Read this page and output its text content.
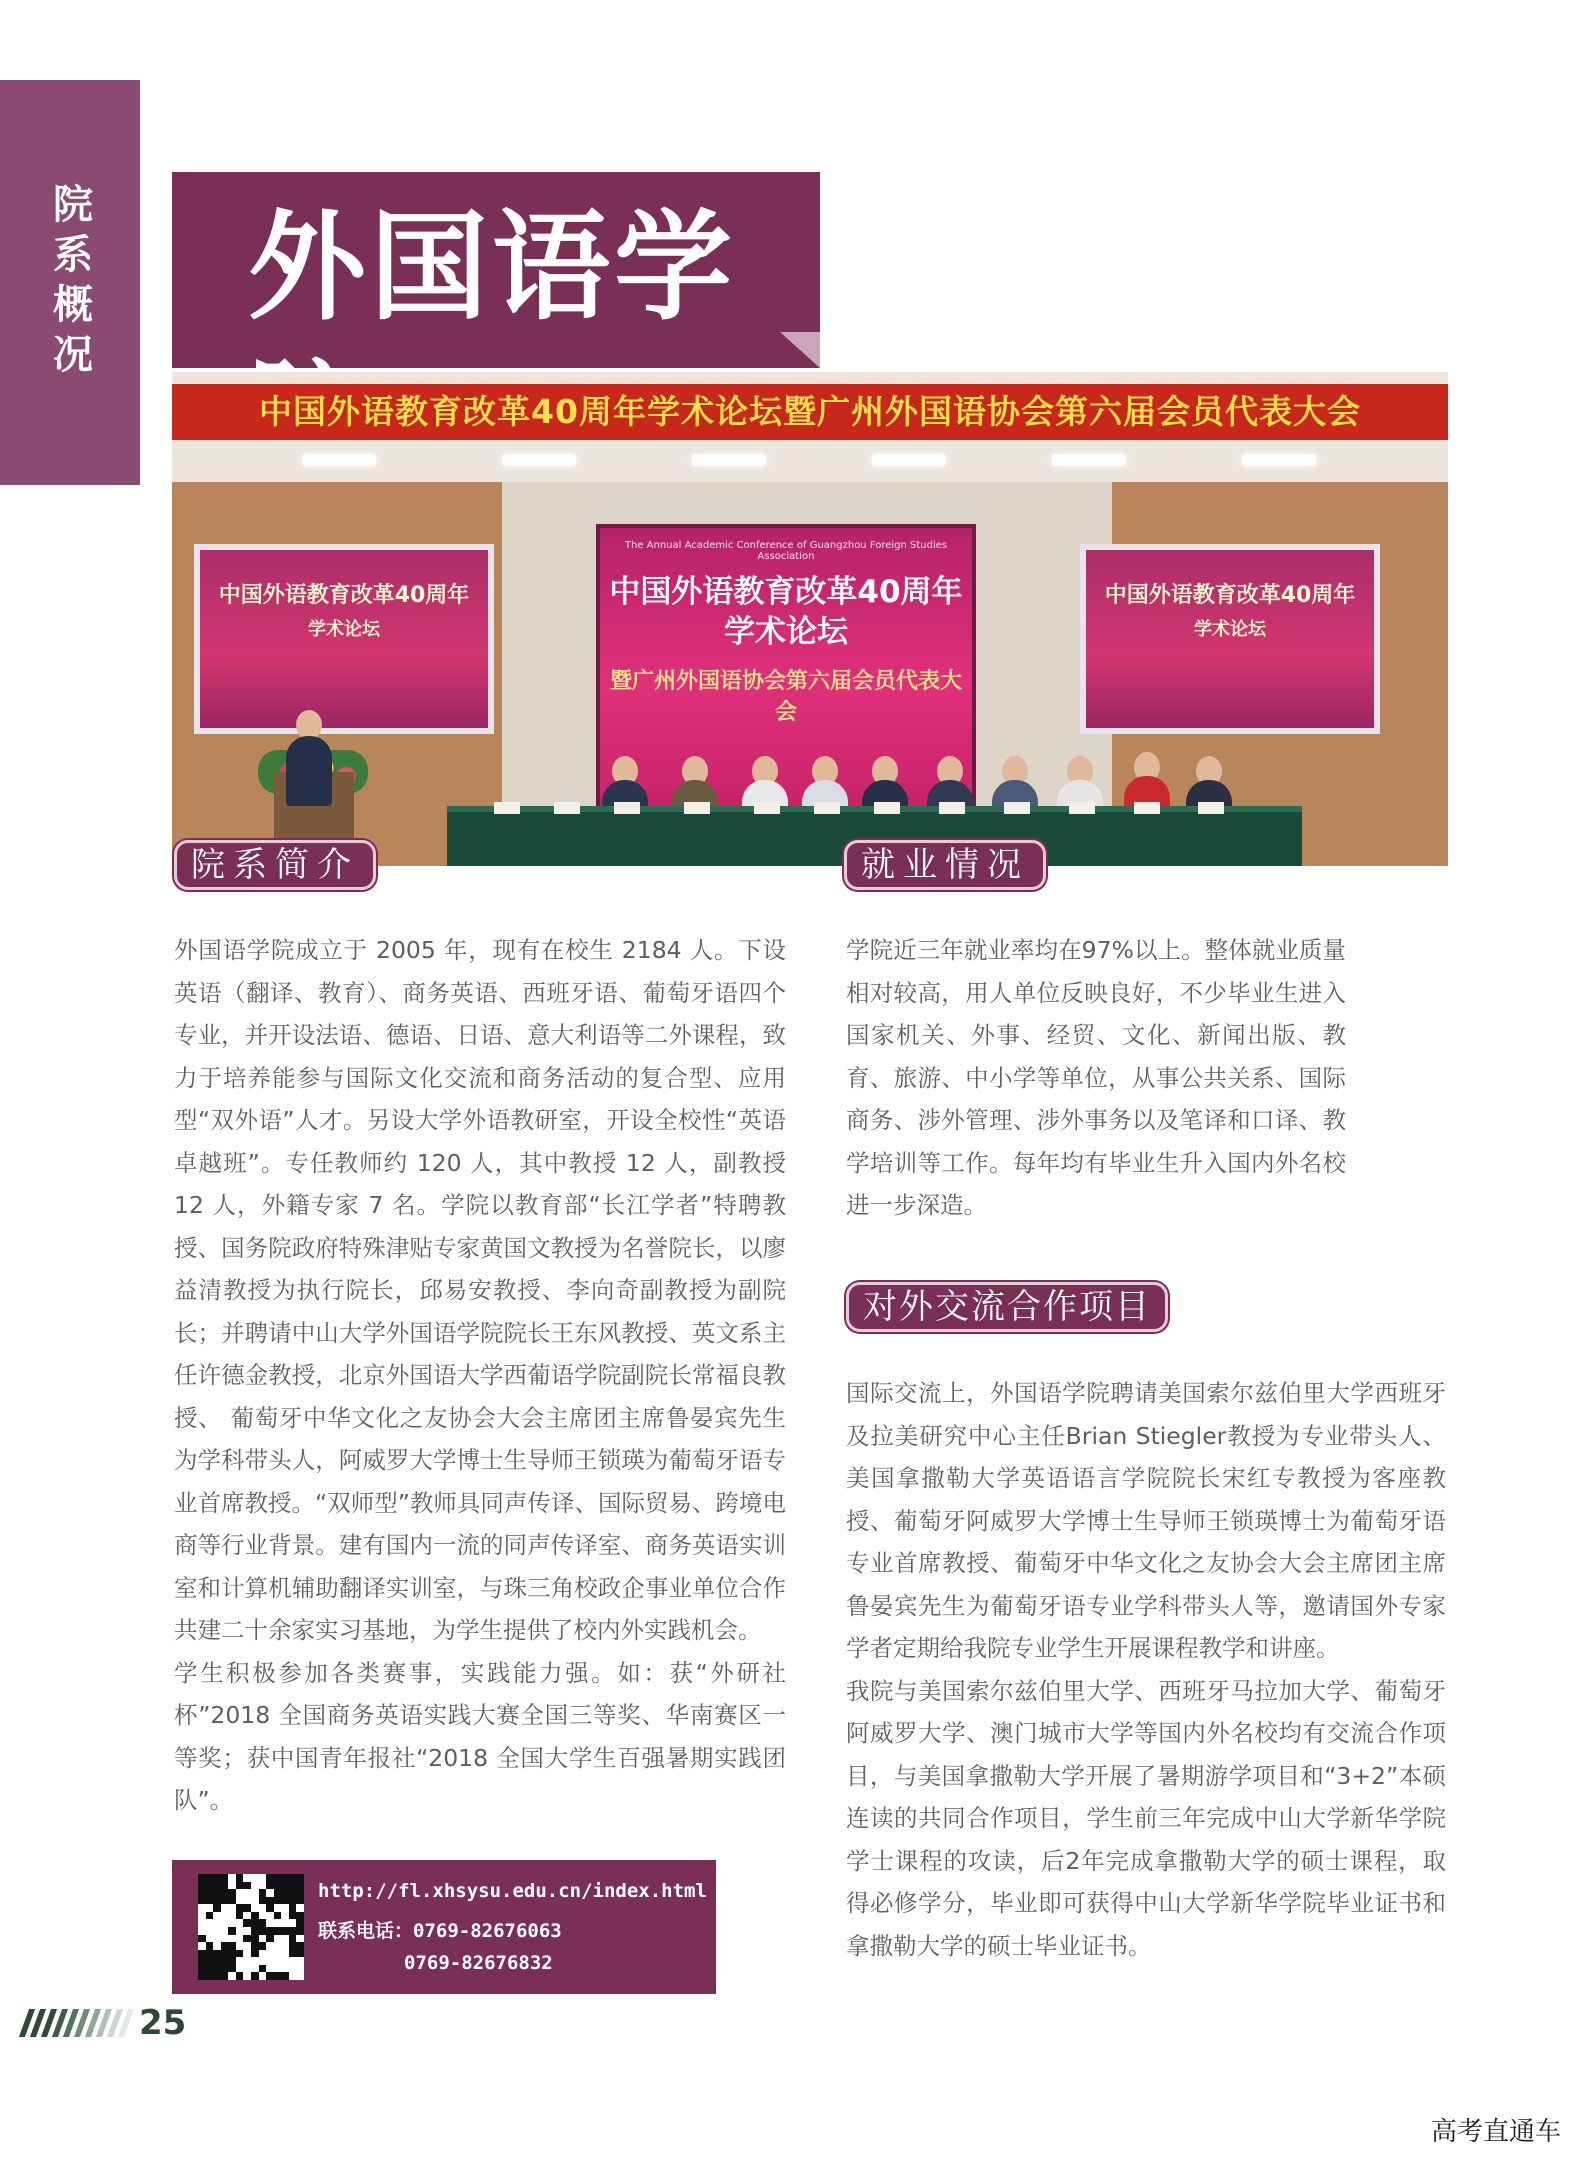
院系概况 外国语学
中国外语教育改革40周年学术论坛暨广州外国语协会第六届会员代表大会
中国外语教育改革40周年
学术论坛
中国外语教育改革40周年
学术论坛
The Annual Academic Conference of Guangzhou Foreign Studies Association
中国外语教育改革40周年
学术论坛
暨广州外国语协会第六届会员代表大会
院系简介	就业情况

外国语学院成立于 2005 年，现有在校生 2184 人。下设英语（翻译、教育）、商务英语、西班牙语、葡萄牙语四个专业，并开设法语、德语、日语、意大利语等二外课程，致力于培养能参与国际文化交流和商务活动的复合型、应用型“双外语”人才。另设大学外语教研室，开设全校性“英语卓越班”。专任教师约 120 人，其中教授 12 人，副教授 12 人，外籍专家 7 名。学院以教育部“长江学者”特聘教授、国务院政府特殊津贴专家黄国文教授为名誉院长，以廖益清教授为执行院长，邱易安教授、李向奇副教授为副院长；并聘请中山大学外国语学院院长王东风教授、英文系主任许德金教授，北京外国语大学西葡语学院副院长常福良教授、 葡萄牙中华文化之友协会大会主席团主席鲁晏宾先生为学科带头人，阿威罗大学博士生导师王锁瑛为葡萄牙语专业首席教授。“双师型”教师具同声传译、国际贸易、跨境电商等行业背景。建有国内一流的同声传译室、商务英语实训室和计算机辅助翻译实训室，与珠三角校政企事业单位合作共建二十余家实习基地，为学生提供了校内外实践机会。

学生积极参加各类赛事，实践能力强。如：获“外研社杯”2018 全国商务英语实践大赛全国三等奖、华南赛区一等奖；获中国青年报社“2018 全国大学生百强暑期实践团队”。

学院近三年就业率均在97%以上。整体就业质量相对较高，用人单位反映良好，不少毕业生进入国家机关、外事、经贸、文化、新闻出版、教育、旅游、中小学等单位，从事公共关系、国际商务、涉外管理、涉外事务以及笔译和口译、教学培训等工作。每年均有毕业生升入国内外名校进一步深造。

对外交流合作项目

国际交流上，外国语学院聘请美国索尔兹伯里大学西班牙及拉美研究中心主任Brian Stiegler教授为专业带头人、美国拿撒勒大学英语语言学院院长宋红专教授为客座教授、葡萄牙阿威罗大学博士生导师王锁瑛博士为葡萄牙语专业首席教授、葡萄牙中华文化之友协会大会主席团主席鲁晏宾先生为葡萄牙语专业学科带头人等，邀请国外专家学者定期给我院专业学生开展课程教学和讲座。

我院与美国索尔兹伯里大学、西班牙马拉加大学、葡萄牙阿威罗大学、澳门城市大学等国内外名校均有交流合作项目，与美国拿撒勒大学开展了暑期游学项目和“3+2”本硕连读的共同合作项目，学生前三年完成中山大学新华学院学士课程的攻读，后2年完成拿撒勒大学的硕士课程，取得必修学分，毕业即可获得中山大学新华学院毕业证书和拿撒勒大学的硕士毕业证书。

http://fl.xhsysu.edu.cn/index.html
联系电话：0769-82676063
0769-82676832
25
高考直通车
